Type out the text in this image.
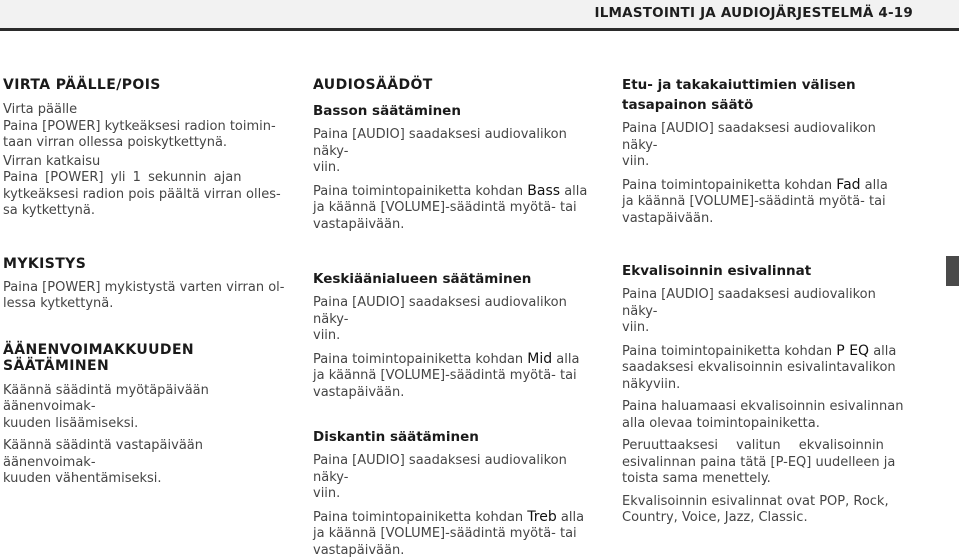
ILMASTOINTI JA AUDIOJÄRJESTELMÄ 4-19
VIRTA PÄÄLLE/POIS

Virta päälle

Paina [POWER] kytkeäksesi radion toimin-

taan virran ollessa poiskytkettynä.

Virran katkaisu

Paina [POWER] yli 1 sekunnin ajan

kytkeäksesi radion pois päältä virran olles-

sa kytkettynä.

MYKISTYS

Paina [POWER] mykistystä varten virran ol-

lessa kytkettynä.

ÄÄNENVOIMAKKUUDEN SÄÄTÄMINEN

Käännä säädintä myötäpäivään äänenvoimak-

kuuden lisäämiseksi.

Käännä säädintä vastapäivään äänenvoimak-

kuuden vähentämiseksi.

AUDIOSÄÄDÖT
Basson säätäminen

Paina [AUDIO] saadaksesi audiovalikon näky-

viin.

Paina toimintopainiketta kohdan Bass alla

ja käännä [VOLUME]-säädintä myötä- tai

vastapäivään.

Keskiäänialueen säätäminen

Paina [AUDIO] saadaksesi audiovalikon näky-

viin.

Paina toimintopainiketta kohdan Mid alla

ja käännä [VOLUME]-säädintä myötä- tai

vastapäivään.

Diskantin säätäminen

Paina [AUDIO] saadaksesi audiovalikon näky-

viin.

Paina toimintopainiketta kohdan Treb alla

ja käännä [VOLUME]-säädintä myötä- tai

vastapäivään.

Etu- ja takakaiuttimien välisen
tasapainon säätö

Paina [AUDIO] saadaksesi audiovalikon näky-

viin.

Paina toimintopainiketta kohdan Fad alla

ja käännä [VOLUME]-säädintä myötä- tai

vastapäivään.

Ekvalisoinnin esivalinnat

Paina [AUDIO] saadaksesi audiovalikon näky-

viin.

Paina toimintopainiketta kohdan P EQ alla

saadaksesi ekvalisoinnin esivalintavalikon

näkyviin.

Paina haluamaasi ekvalisoinnin esivalinnan

alla olevaa toimintopainiketta.

Peruuttaaksesi valitun ekvalisoinnin

esivalinnan paina tätä [P-EQ] uudelleen ja

toista sama menettely.

Ekvalisoinnin esivalinnat ovat POP, Rock,

Country, Voice, Jazz, Classic.
